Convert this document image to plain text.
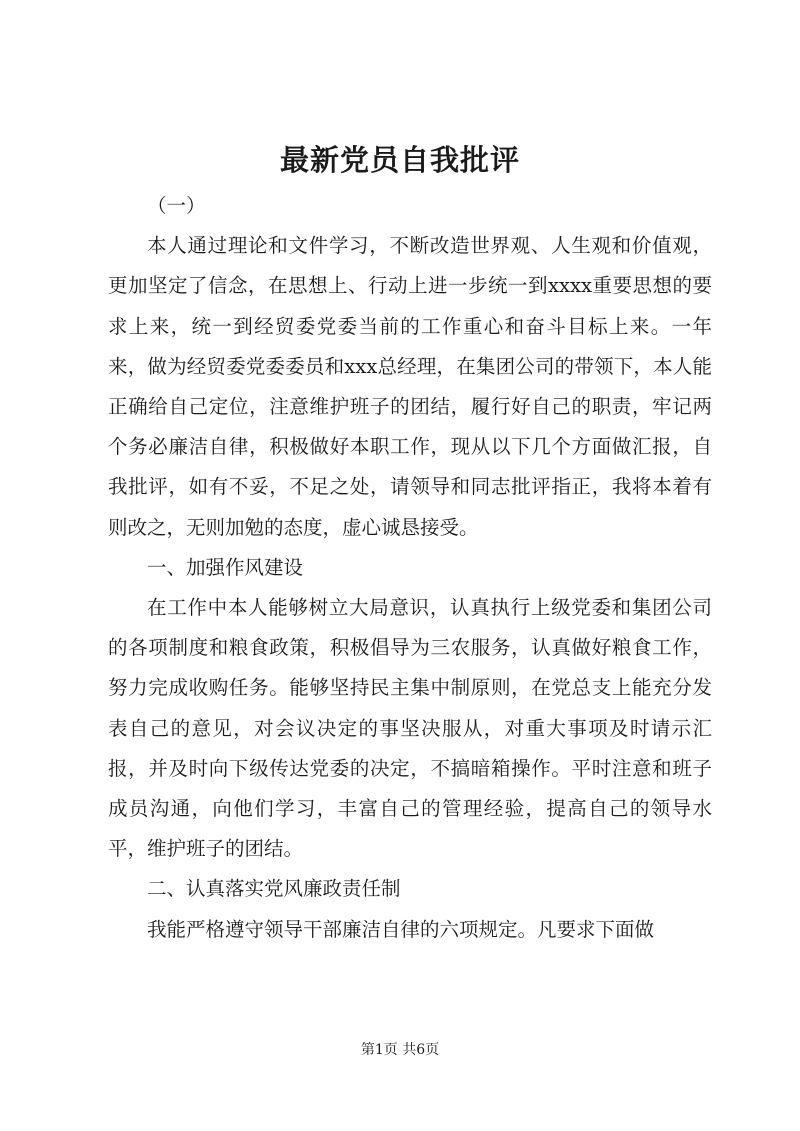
最新党员自我批评

（一）

本人通过理论和文件学习，不断改造世界观、人生观和价值观，更加坚定了信念，在思想上、行动上进一步统一到xxxx重要思想的要求上来，统一到经贸委党委当前的工作重心和奋斗目标上来。一年来，做为经贸委党委委员和xxx总经理，在集团公司的带领下，本人能正确给自己定位，注意维护班子的团结，履行好自己的职责，牢记两个务必廉洁自律，积极做好本职工作，现从以下几个方面做汇报，自我批评，如有不妥，不足之处，请领导和同志批评指正，我将本着有则改之，无则加勉的态度，虚心诚恳接受。

一、加强作风建设

在工作中本人能够树立大局意识，认真执行上级党委和集团公司的各项制度和粮食政策，积极倡导为三农服务，认真做好粮食工作，努力完成收购任务。能够坚持民主集中制原则，在党总支上能充分发表自己的意见，对会议决定的事坚决服从，对重大事项及时请示汇报，并及时向下级传达党委的决定，不搞暗箱操作。平时注意和班子成员沟通，向他们学习，丰富自己的管理经验，提高自己的领导水平，维护班子的团结。

二、认真落实党风廉政责任制

我能严格遵守领导干部廉洁自律的六项规定。凡要求下面做

第1页 共6页
